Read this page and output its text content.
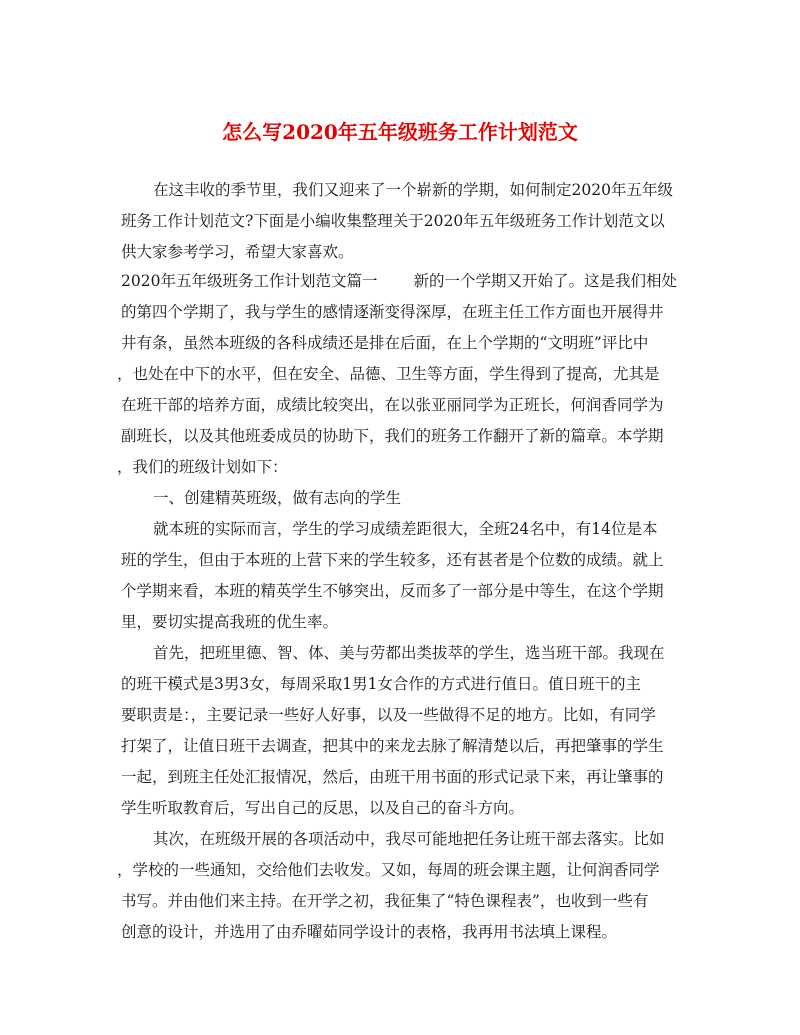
怎么写2020年五年级班务工作计划范文
在这丰收的季节里，我们又迎来了一个崭新的学期，如何制定2020年五年级
班务工作计划范文?下面是小编收集整理关于2020年五年级班务工作计划范文以
供大家参考学习，希望大家喜欢。
2020年五年级班务工作计划范文篇一 新的一个学期又开始了。这是我们相处
的第四个学期了，我与学生的感情逐渐变得深厚，在班主任工作方面也开展得井
井有条，虽然本班级的各科成绩还是排在后面，在上个学期的“文明班”评比中
，也处在中下的水平，但在安全、品德、卫生等方面，学生得到了提高，尤其是
在班干部的培养方面，成绩比较突出，在以张亚丽同学为正班长，何润香同学为
副班长，以及其他班委成员的协助下，我们的班务工作翻开了新的篇章。本学期
，我们的班级计划如下：
一、创建精英班级，做有志向的学生
就本班的实际而言，学生的学习成绩差距很大，全班24名中，有14位是本
班的学生，但由于本班的上营下来的学生较多，还有甚者是个位数的成绩。就上
个学期来看，本班的精英学生不够突出，反而多了一部分是中等生，在这个学期
里，要切实提高我班的优生率。
首先，把班里德、智、体、美与劳都出类拔萃的学生，选当班干部。我现在
的班干模式是3男3女，每周采取1男1女合作的方式进行值日。值日班干的主
要职责是：，主要记录一些好人好事，以及一些做得不足的地方。比如，有同学
打架了，让值日班干去调查，把其中的来龙去脉了解清楚以后，再把肇事的学生
一起，到班主任处汇报情况，然后，由班干用书面的形式记录下来，再让肇事的
学生听取教育后，写出自己的反思，以及自己的奋斗方向。
其次，在班级开展的各项活动中，我尽可能地把任务让班干部去落实。比如
，学校的一些通知，交给他们去收发。又如，每周的班会课主题，让何润香同学
书写。并由他们来主持。在开学之初，我征集了“特色课程表”，也收到一些有
创意的设计，并选用了由乔曜茹同学设计的表格，我再用书法填上课程。
